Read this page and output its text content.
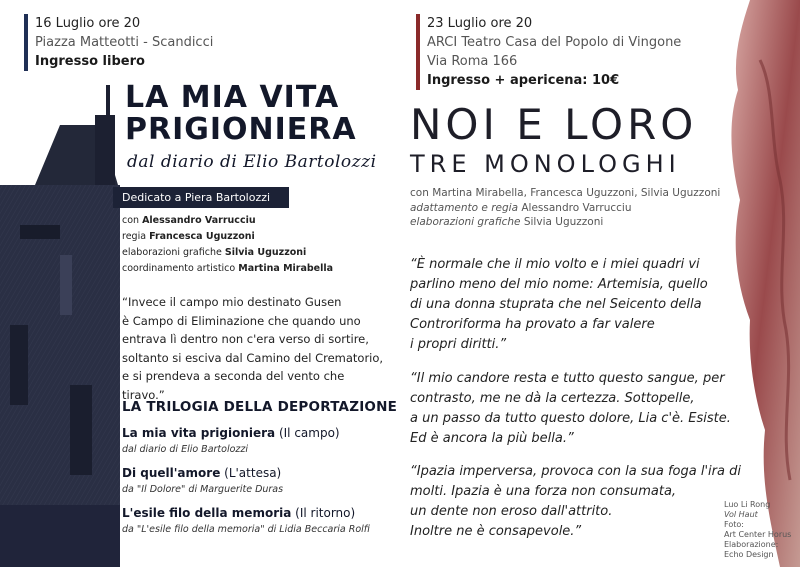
16 Luglio ore 20
Piazza Matteotti - Scandicci
Ingresso libero
LA MIA VITA
PRIGIONIERA
dal diario di Elio Bartolozzi
Dedicato a Piera Bartolozzi
con Alessandro Varrucciu
regia Francesca Uguzzoni
elaborazioni grafiche Silvia Uguzzoni
coordinamento artistico Martina Mirabella
“Invece il campo mio destinato Gusen
è Campo di Eliminazione che quando uno
entrava lì dentro non c'era verso di sortire,
soltanto si esciva dal Camino del Crematorio,
e si prendeva a seconda del vento che tiravo.”
LA TRILOGIA DELLA DEPORTAZIONE
La mia vita prigioniera (Il campo)
dal diario di Elio Bartolozzi
Di quell'amore (L'attesa)
da "Il Dolore" di Marguerite Duras
L'esile filo della memoria (Il ritorno)
da "L'esile filo della memoria" di Lidia Beccaria Rolfi
23 Luglio ore 20
ARCI Teatro Casa del Popolo di Vingone
Via Roma 166
Ingresso + apericena: 10€
NOI E LORO
TRE MONOLOGHI
con Martina Mirabella, Francesca Uguzzoni, Silvia Uguzzoni
adattamento e regia Alessandro Varrucciu
elaborazioni grafiche Silvia Uguzzoni
“È normale che il mio volto e i miei quadri vi
parlino meno del mio nome: Artemisia, quello
di una donna stuprata che nel Seicento della
Controriforma ha provato a far valere
i propri diritti.”
“Il mio candore resta e tutto questo sangue, per
contrasto, me ne dà la certezza. Sottopelle,
a un passo da tutto questo dolore, Lia c'è. Esiste.
Ed è ancora la più bella.”
“Ipazia imperversa, provoca con la sua foga l'ira di
molti. Ipazia è una forza non consumata,
un dente non eroso dall'attrito.
Inoltre ne è consapevole.”
Luo Li Rong
Vol Haut
Foto:
Art Center Horus
Elaborazione:
Echo Design
